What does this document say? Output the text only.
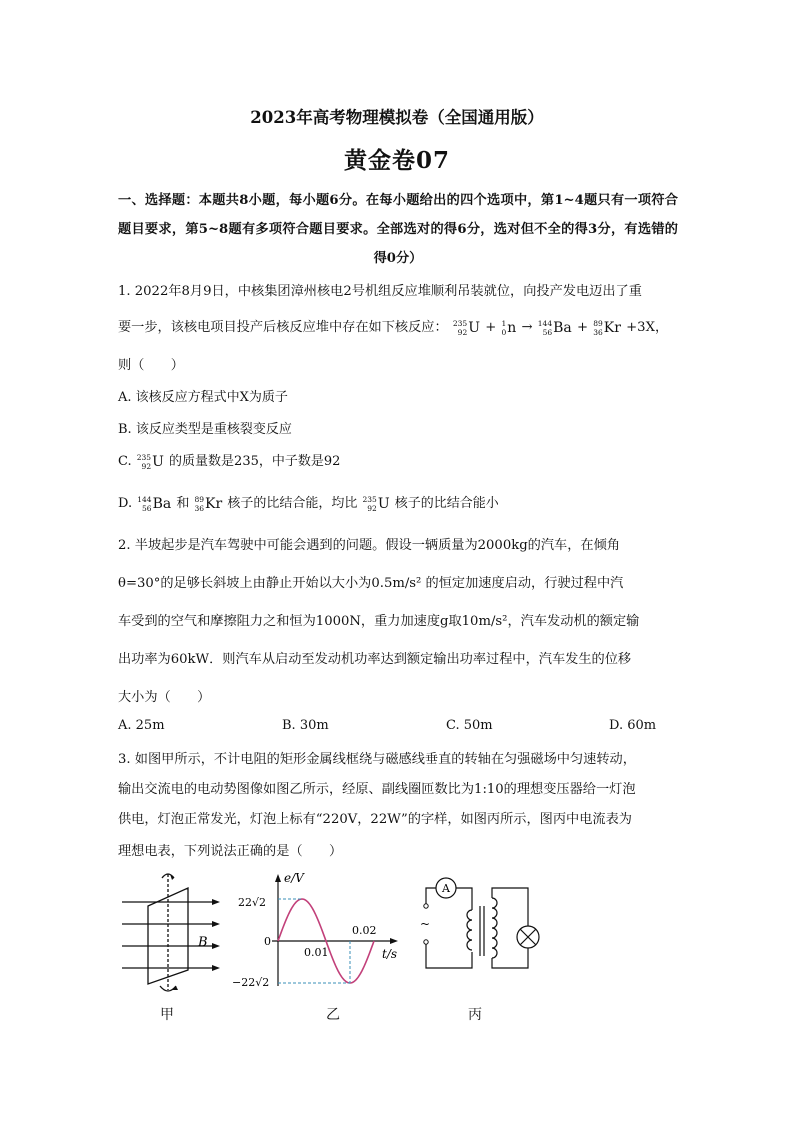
2023年高考物理模拟卷（全国通用版）
黄金卷07
一、选择题：本题共8小题，每小题6分。在每小题给出的四个选项中，第1~4题只有一项符合题目要求，第5~8题有多项符合题目要求。全部选对的得6分，选对但不全的得3分，有选错的得0分）
1. 2022年8月9日，中核集团漳州核电2号机组反应堆顺利吊装就位，向投产发电迈出了重
要一步，该核电项目投产后核反应堆中存在如下核反应： 235
92U + 1
0n → 144
56Ba + 89
36Kr +3X，
则（　　）
A. 该核反应方程式中X为质子
B. 该反应类型是重核裂变反应
C. 235
92U 的质量数是235，中子数是92
D. 144
56Ba 和 89
36Kr 核子的比结合能，均比 235
92U 核子的比结合能小
2. 半坡起步是汽车驾驶中可能会遇到的问题。假设一辆质量为2000kg的汽车，在倾角
θ=30°的足够长斜坡上由静止开始以大小为0.5m/s² 的恒定加速度启动，行驶过程中汽
车受到的空气和摩擦阻力之和恒为1000N，重力加速度g取10m/s²，汽车发动机的额定输
出功率为60kW．则汽车从启动至发动机功率达到额定输出功率过程中，汽车发生的位移
大小为（　　）
A. 25m	B. 30m	C. 50m	D. 60m
3. 如图甲所示，不计电阻的矩形金属线框绕与磁感线垂直的转轴在匀强磁场中匀速转动，
输出交流电的电动势图像如图乙所示，经原、副线圈匝数比为1:10的理想变压器给一灯泡
供电，灯泡正常发光，灯泡上标有“220V，22W”的字样，如图丙所示，图丙中电流表为
理想电表，下列说法正确的是（　　）
B
e/V
22√2
0
−22√2
0.01
0.02
t/s
A
~
甲	乙	丙
